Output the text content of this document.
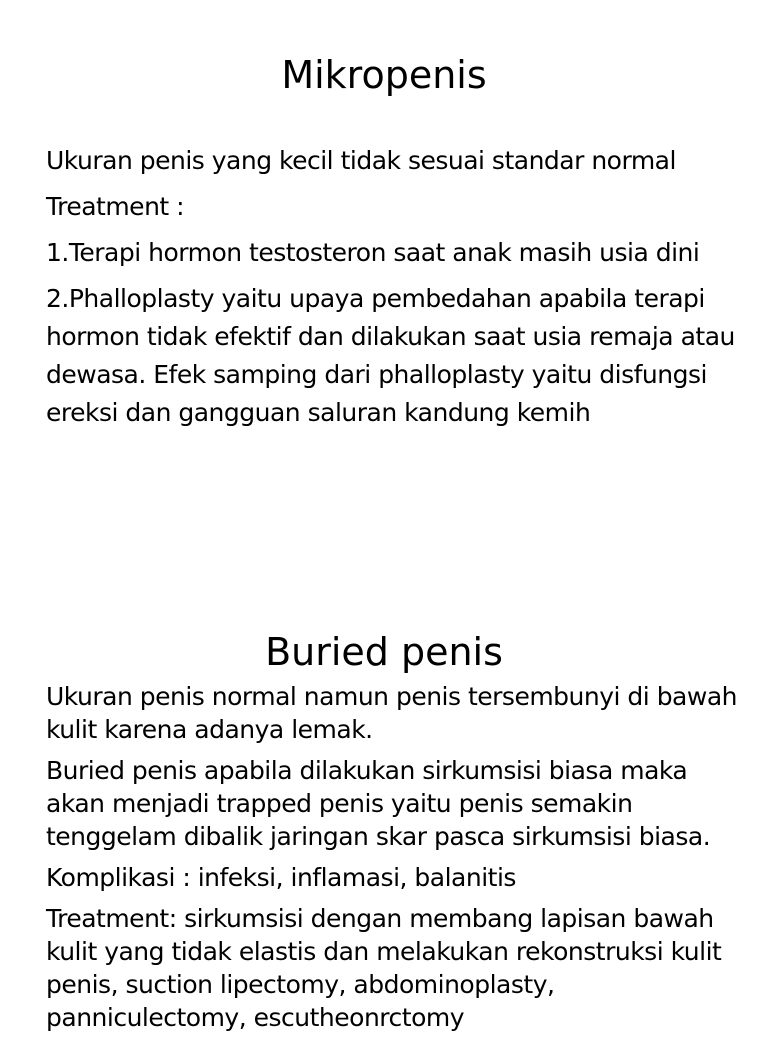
Mikropenis

Ukuran penis yang kecil tidak sesuai standar normal

Treatment :

1.Terapi hormon testosteron saat anak masih usia dini

2.Phalloplasty yaitu upaya pembedahan apabila terapi hormon tidak efektif dan dilakukan saat usia remaja atau dewasa. Efek samping dari phalloplasty yaitu disfungsi ereksi dan gangguan saluran kandung kemih

Buried penis

Ukuran penis normal namun penis tersembunyi di bawah kulit karena adanya lemak.

Buried penis apabila dilakukan sirkumsisi biasa maka akan menjadi trapped penis yaitu penis semakin tenggelam dibalik jaringan skar pasca sirkumsisi biasa.

Komplikasi : infeksi, inflamasi, balanitis

Treatment: sirkumsisi dengan membang lapisan bawah kulit yang tidak elastis dan melakukan rekonstruksi kulit penis, suction lipectomy, abdominoplasty, panniculectomy, escutheonrctomy
